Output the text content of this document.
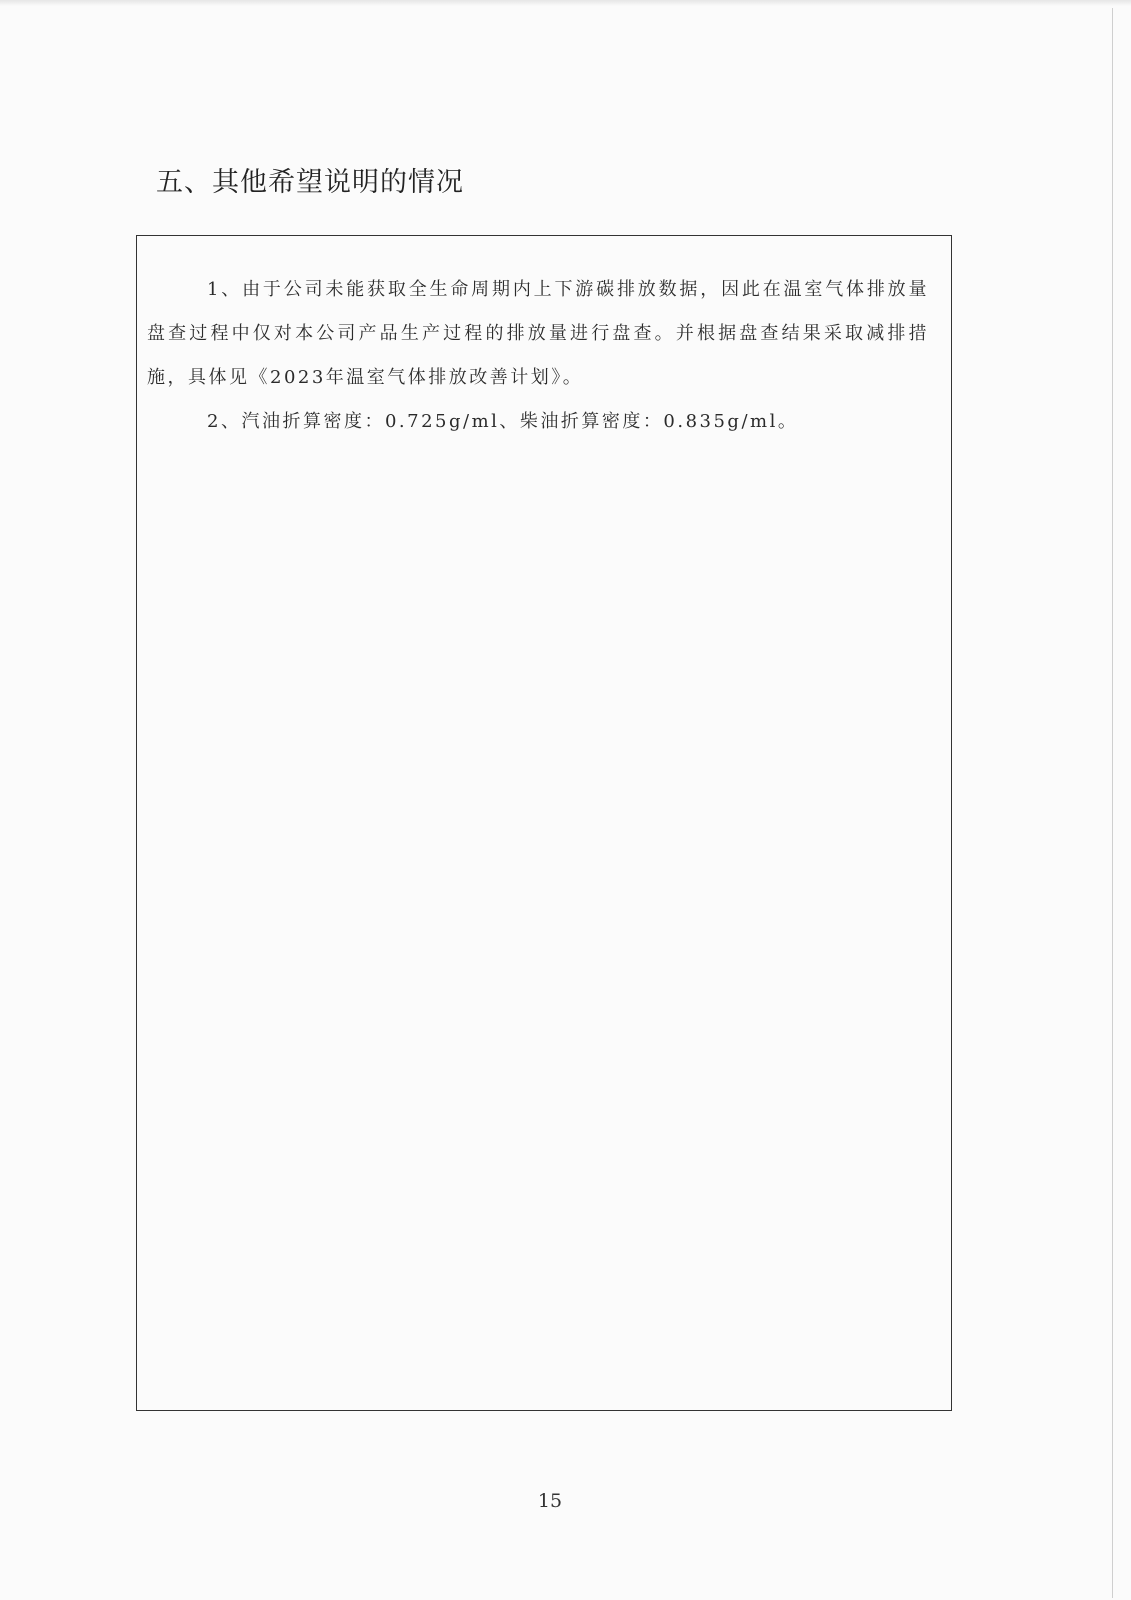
五、其他希望说明的情况
1、由于公司未能获取全生命周期内上下游碳排放数据，因此在温室气体排放量盘查过程中仅对本公司产品生产过程的排放量进行盘查。并根据盘查结果采取减排措施，具体见《2023年温室气体排放改善计划》。
2、汽油折算密度：0.725g/ml、柴油折算密度：0.835g/ml。
15
